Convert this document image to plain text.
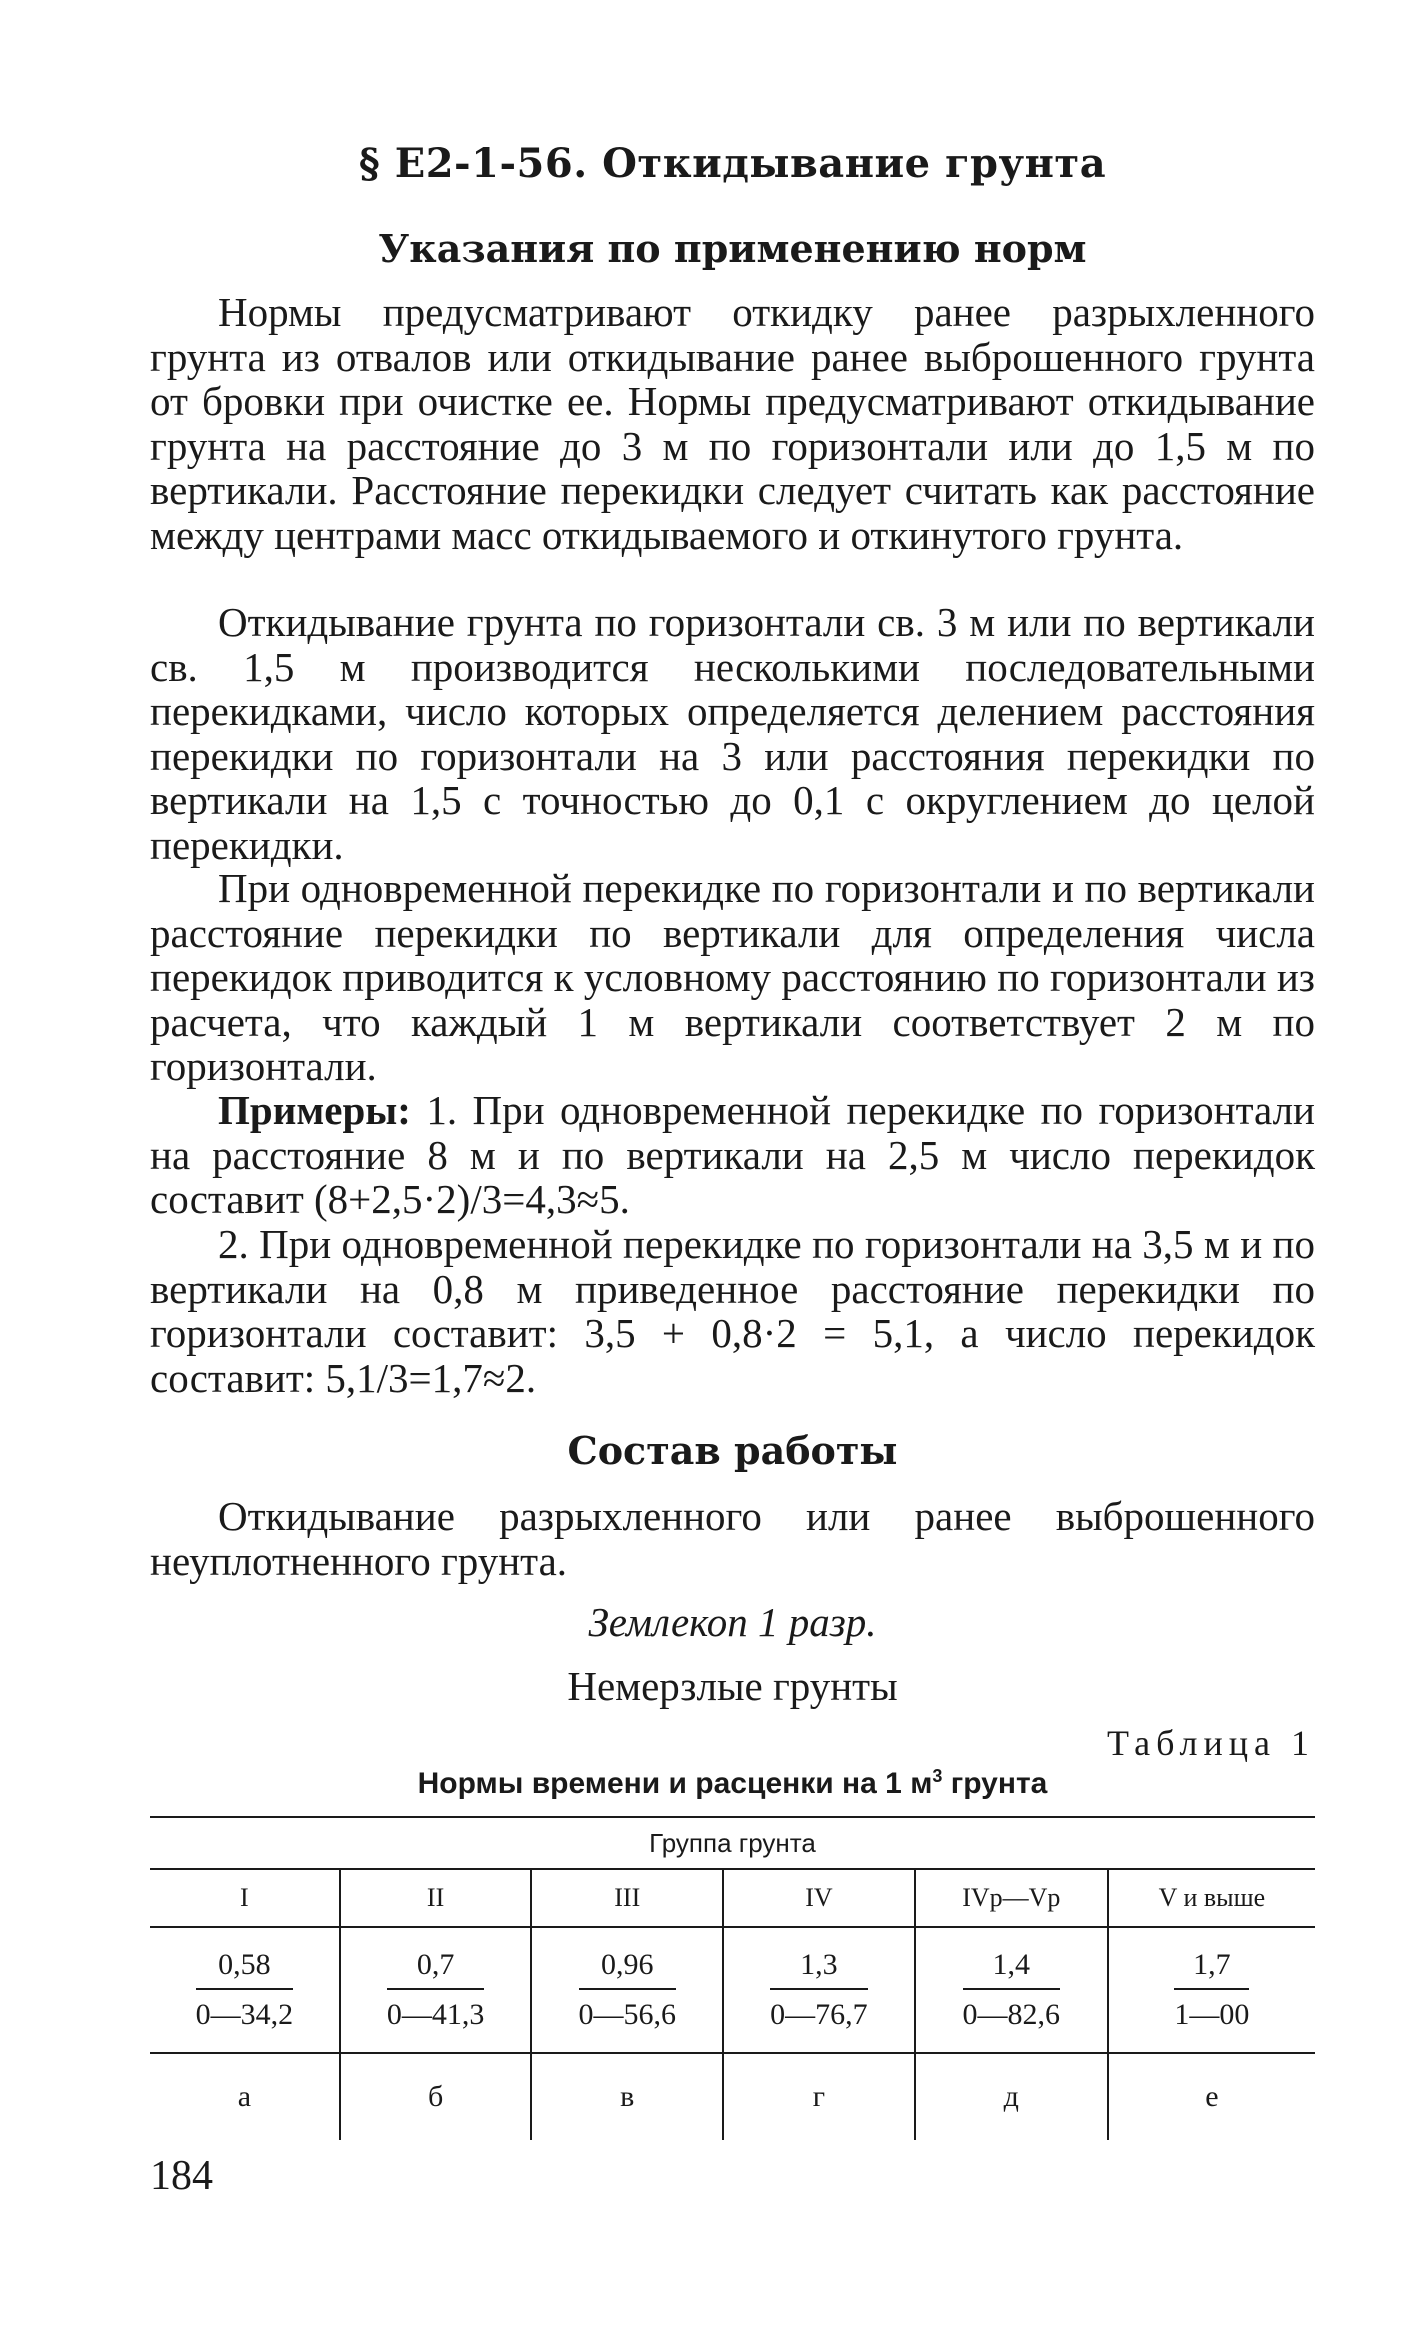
§ Е2-1-56. Откидывание грунта
Указания по применению норм

Нормы предусматривают откидку ранее разрыхленного грунта из отвалов или откидывание ранее выброшенного грунта от бровки при очистке ее. Нормы предусматривают откидывание грунта на расстояние до 3 м по горизонтали или до 1,5 м по вертикали. Расстояние перекидки следует считать как расстояние между центрами масс откидываемого и откинутого грунта.

Откидывание грунта по горизонтали св. 3 м или по вертикали св. 1,5 м производится несколькими последовательными перекидками, число которых определяется делением расстояния перекидки по горизонтали на 3 или расстояния перекидки по вертикали на 1,5 с точностью до 0,1 с округлением до целой перекидки.

При одновременной перекидке по горизонтали и по вертикали расстояние перекидки по вертикали для определения числа перекидок приводится к условному расстоянию по горизонтали из расчета, что каждый 1 м вертикали соответствует 2 м по горизонтали.

Примеры: 1. При одновременной перекидке по горизонтали на расстояние 8 м и по вертикали на 2,5 м число перекидок составит (8+2,5·2)/3=4,3≈5.

2. При одновременной перекидке по горизонтали на 3,5 м и по вертикали на 0,8 м приведенное расстояние перекидки по горизонтали составит: 3,5 + 0,8·2 = 5,1, а число перекидок составит: 5,1/3=1,7≈2.

Состав работы

Откидывание разрыхленного или ранее выброшенного неуплотненного грунта.

Землекоп 1 разр.
Немерзлые грунты
Таблица 1
Нормы времени и расценки на 1 $м^3$ грунта
Группа грунта					
I	II	III	IV	IVр—Vр	V и выше

$\frac{0,58}{0—34,2}$	$\frac{0,7}{0—41,3}$	$\frac{0,96}{0—56,6}$	$\frac{1,3}{0—76,7}$	$\frac{1,4}{0—82,6}$	$\frac{1,7}{1—00}$

а	б	в	г	д	е
184
